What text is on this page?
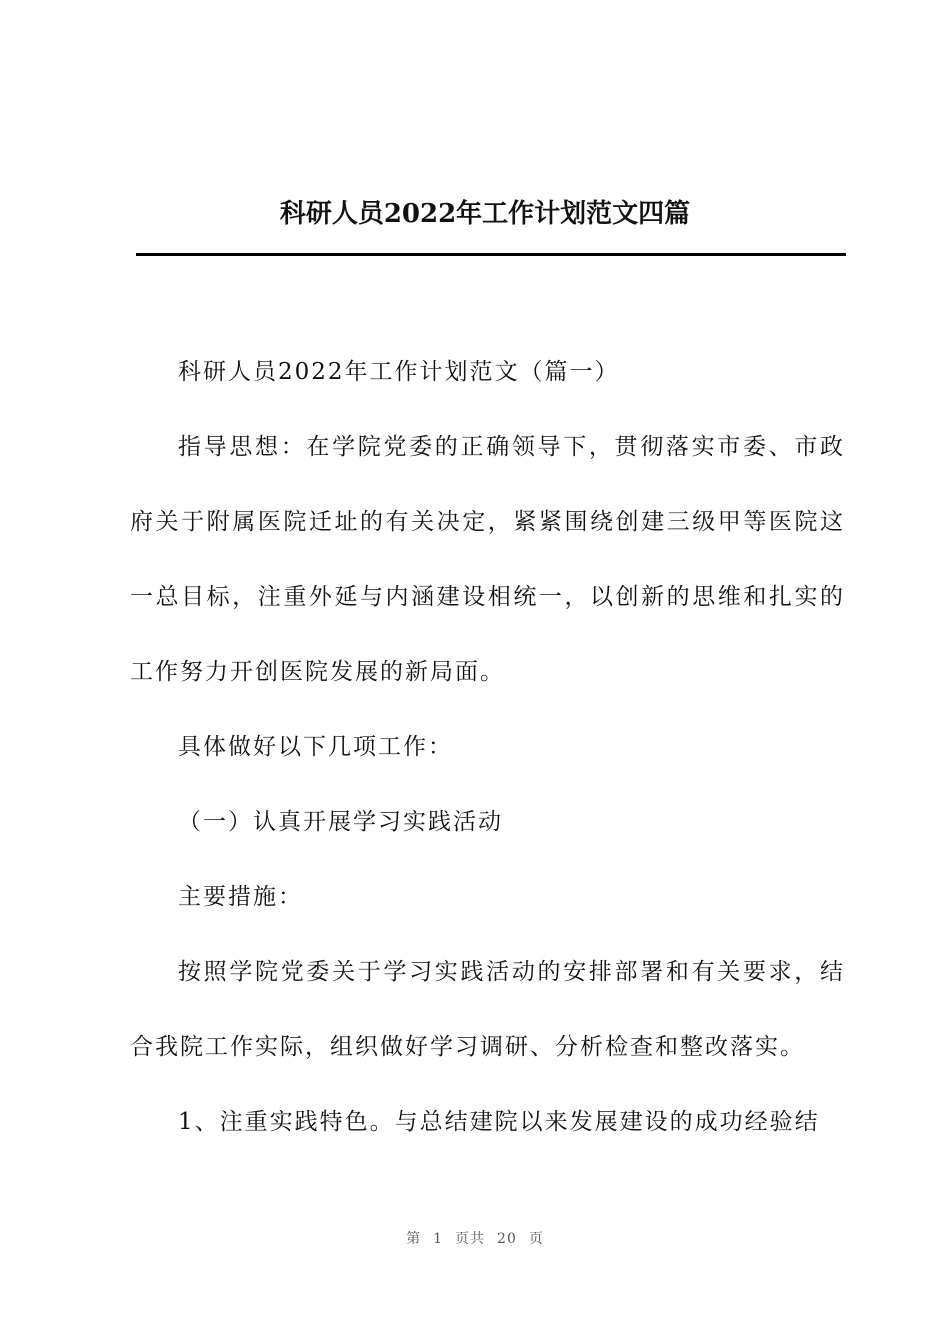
科研人员2022年工作计划范文四篇

科研人员2022年工作计划范文（篇一）

指导思想：在学院党委的正确领导下，贯彻落实市委、市政府关于附属医院迁址的有关决定，紧紧围绕创建三级甲等医院这一总目标，注重外延与内涵建设相统一，以创新的思维和扎实的工作努力开创医院发展的新局面。

具体做好以下几项工作：

（一）认真开展学习实践活动

主要措施：

按照学院党委关于学习实践活动的安排部署和有关要求，结合我院工作实际，组织做好学习调研、分析检查和整改落实。

1、注重实践特色。与总结建院以来发展建设的成功经验结

第 1 页共 20 页
